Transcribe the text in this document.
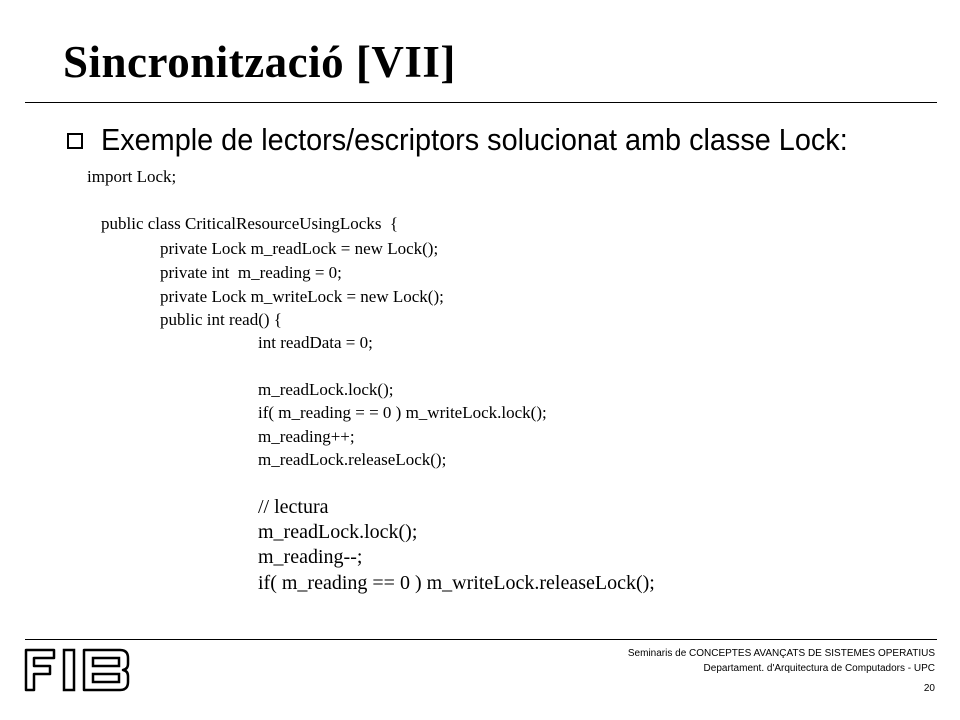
Sincronització [VII]
Exemple de lectors/escriptors solucionat amb classe Lock:
import Lock;
public class CriticalResourceUsingLocks  {
private Lock m_readLock = new Lock();
private int  m_reading = 0;
private Lock m_writeLock = new Lock();
public int read() {
int readData = 0;
m_readLock.lock();
if( m_reading = = 0 ) m_writeLock.lock();
m_reading++;
m_readLock.releaseLock();
// lectura
m_readLock.lock();
m_reading--;
if( m_reading == 0 ) m_writeLock.releaseLock();
Seminaris de CONCEPTES AVANÇATS DE SISTEMES OPERATIUS
Departament. d'Arquitectura de Computadors - UPC
20
